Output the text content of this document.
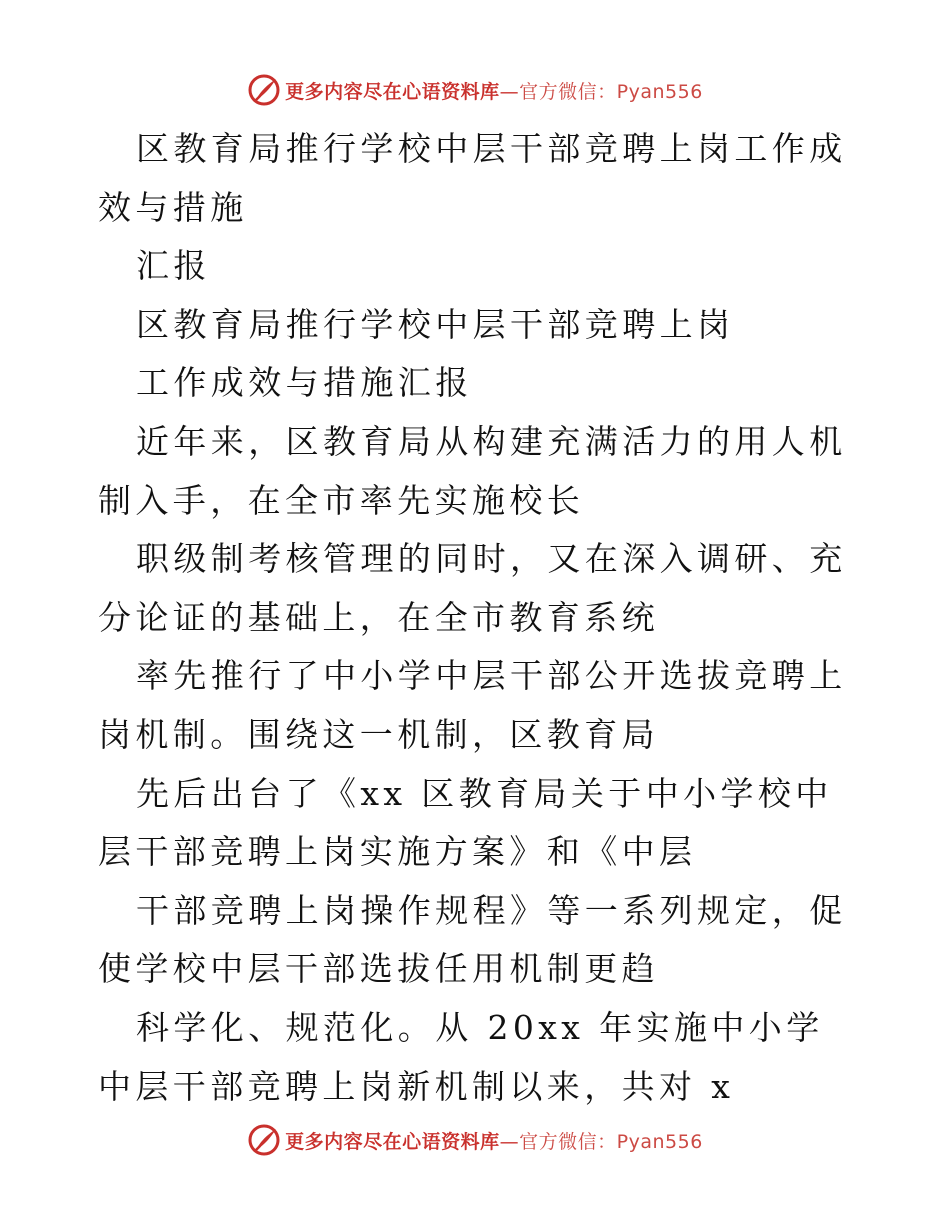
更多内容尽在心语资料库—官方微信：Pyan556

区教育局推行学校中层干部竞聘上岗工作成效与措施

汇报

区教育局推行学校中层干部竞聘上岗

工作成效与措施汇报

近年来，区教育局从构建充满活力的用人机制入手，在全市率先实施校长

职级制考核管理的同时，又在深入调研、充分论证的基础上，在全市教育系统

率先推行了中小学中层干部公开选拔竞聘上岗机制。围绕这一机制，区教育局

先后出台了《xx 区教育局关于中小学校中层干部竞聘上岗实施方案》和《中层

干部竞聘上岗操作规程》等一系列规定，促使学校中层干部选拔任用机制更趋

科学化、规范化。从 20xx 年实施中小学中层干部竞聘上岗新机制以来，共对 x

更多内容尽在心语资料库—官方微信：Pyan556
